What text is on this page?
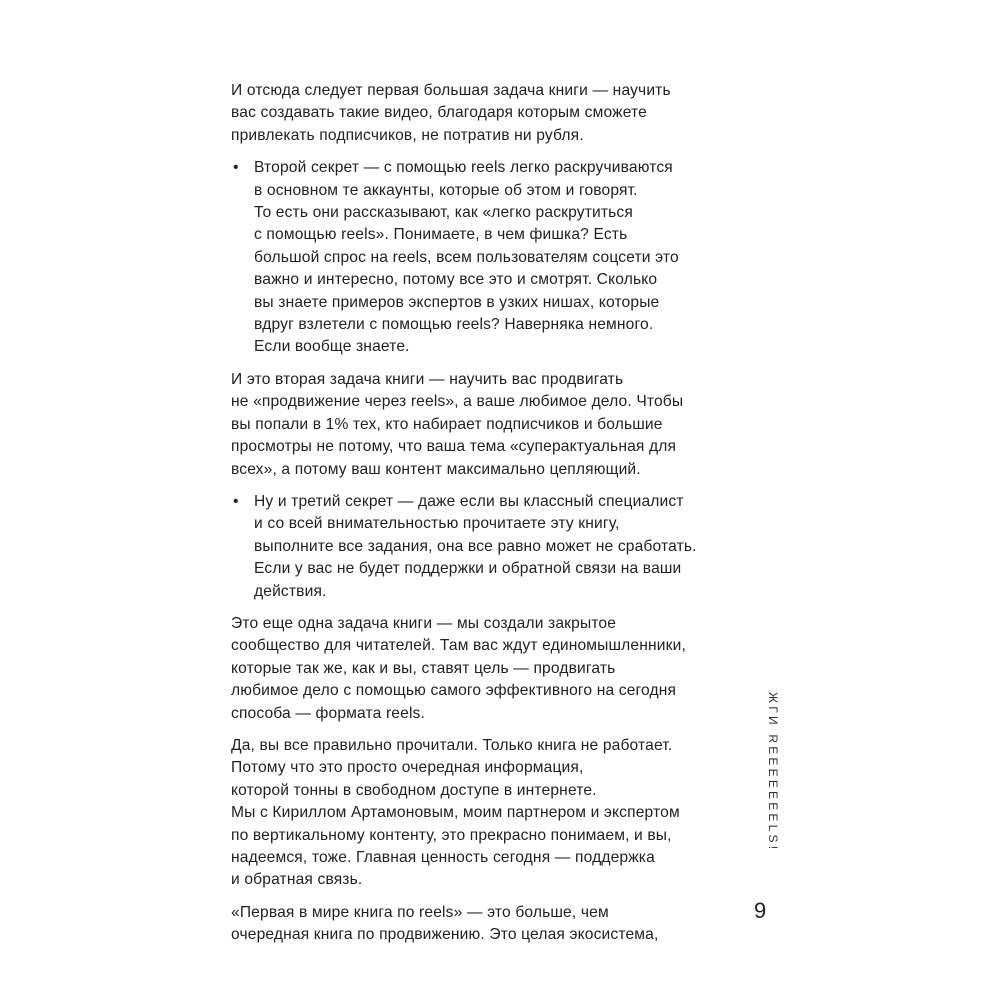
И отсюда следует первая большая задача книги — научить
вас создавать такие видео, благодаря которым сможете
привлекать подписчиков, не потратив ни рубля.
• Второй секрет — с помощью reels легко раскручиваются
в основном те аккаунты, которые об этом и говорят.
То есть они рассказывают, как «легко раскрутиться
с помощью reels». Понимаете, в чем фишка? Есть
большой спрос на reels, всем пользователям соцсети это
важно и интересно, потому все это и смотрят. Сколько
вы знаете примеров экспертов в узких нишах, которые
вдруг взлетели с помощью reels? Наверняка немного.
Если вообще знаете.
И это вторая задача книги — научить вас продвигать
не «продвижение через reels», а ваше любимое дело. Чтобы
вы попали в 1% тех, кто набирает подписчиков и большие
просмотры не потому, что ваша тема «суперактуальная для
всех», а потому ваш контент максимально цепляющий.
• Ну и третий секрет — даже если вы классный специалист
и со всей внимательностью прочитаете эту книгу,
выполните все задания, она все равно может не сработать.
Если у вас не будет поддержки и обратной связи на ваши
действия.
Это еще одна задача книги — мы создали закрытое
сообщество для читателей. Там вас ждут единомышленники,
которые так же, как и вы, ставят цель — продвигать
любимое дело с помощью самого эффективного на сегодня
способа — формата reels.
Да, вы все правильно прочитали. Только книга не работает.
Потому что это просто очередная информация,
которой тонны в свободном доступе в интернете.
Мы с Кириллом Артамоновым, моим партнером и экспертом
по вертикальному контенту, это прекрасно понимаем, и вы,
надеемся, тоже. Главная ценность сегодня — поддержка
и обратная связь.
«Первая в мире книга по reels» — это больше, чем
очередная книга по продвижению. Это целая экосистема,
ЖГИ REEEEEEELS!
9
